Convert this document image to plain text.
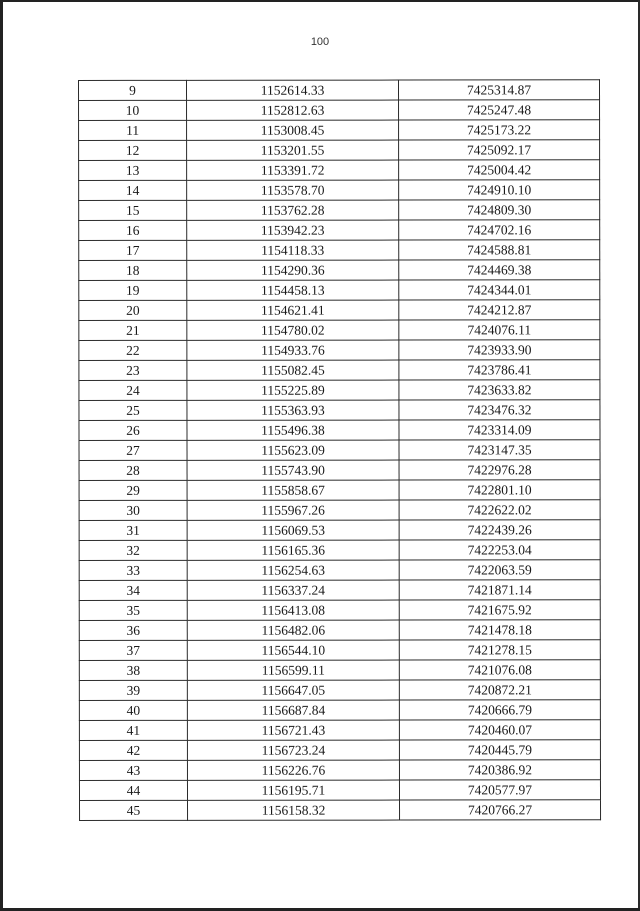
100
9	1152614.33	7425314.87
10	1152812.63	7425247.48
11	1153008.45	7425173.22
12	1153201.55	7425092.17
13	1153391.72	7425004.42
14	1153578.70	7424910.10
15	1153762.28	7424809.30
16	1153942.23	7424702.16
17	1154118.33	7424588.81
18	1154290.36	7424469.38
19	1154458.13	7424344.01
20	1154621.41	7424212.87
21	1154780.02	7424076.11
22	1154933.76	7423933.90
23	1155082.45	7423786.41
24	1155225.89	7423633.82
25	1155363.93	7423476.32
26	1155496.38	7423314.09
27	1155623.09	7423147.35
28	1155743.90	7422976.28
29	1155858.67	7422801.10
30	1155967.26	7422622.02
31	1156069.53	7422439.26
32	1156165.36	7422253.04
33	1156254.63	7422063.59
34	1156337.24	7421871.14
35	1156413.08	7421675.92
36	1156482.06	7421478.18
37	1156544.10	7421278.15
38	1156599.11	7421076.08
39	1156647.05	7420872.21
40	1156687.84	7420666.79
41	1156721.43	7420460.07
42	1156723.24	7420445.79
43	1156226.76	7420386.92
44	1156195.71	7420577.97
45	1156158.32	7420766.27
